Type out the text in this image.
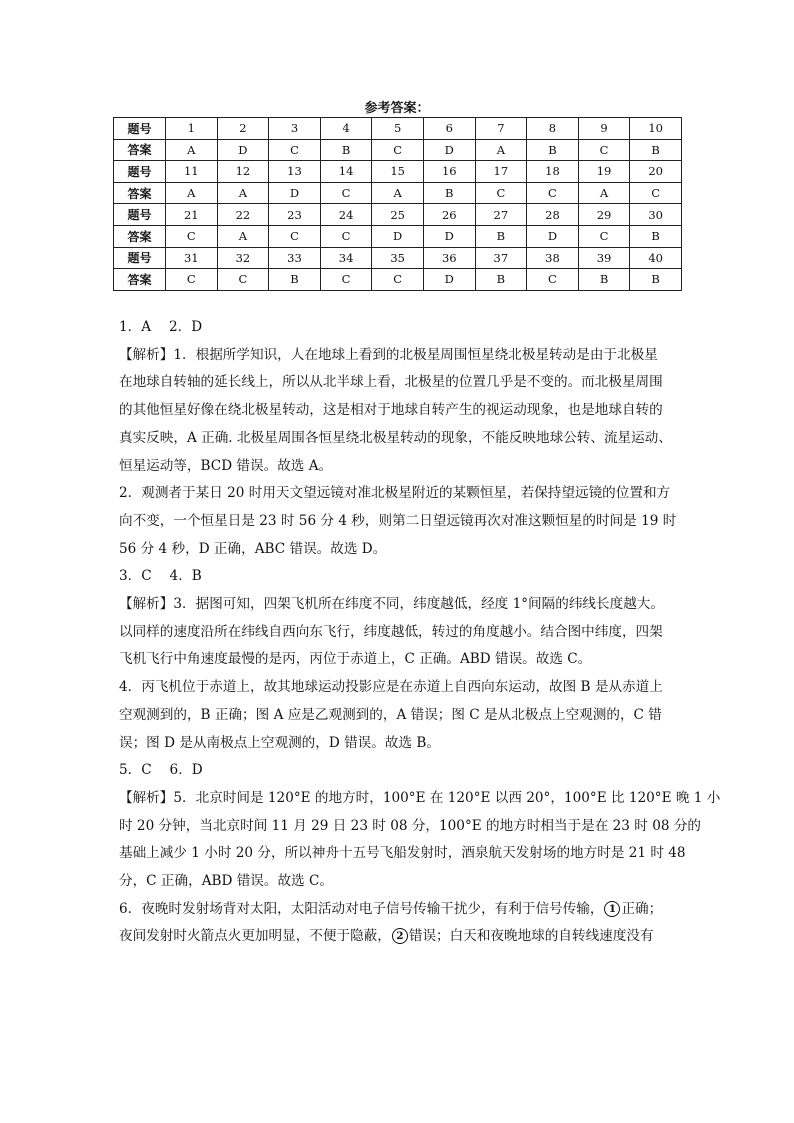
参考答案：
题号	1	2	3	4	5	6	7	8	9	10
答案	A	D	C	B	C	D	A	B	C	B
题号	11	12	13	14	15	16	17	18	19	20
答案	A	A	D	C	A	B	C	C	A	C
题号	21	22	23	24	25	26	27	28	29	30
答案	C	A	C	C	D	D	B	D	C	B
题号	31	32	33	34	35	36	37	38	39	40
答案	C	C	B	C	C	D	B	C	B	B

1．A　 2．D

【解析】1．根据所学知识，人在地球上看到的北极星周围恒星绕北极星转动是由于北极星

在地球自转轴的延长线上，所以从北半球上看，北极星的位置几乎是不变的。而北极星周围

的其他恒星好像在绕北极星转动，这是相对于地球自转产生的视运动现象，也是地球自转的

真实反映，A 正确. 北极星周围各恒星绕北极星转动的现象，不能反映地球公转、流星运动、

恒星运动等，BCD 错误。故选 A。

2．观测者于某日 20 时用天文望远镜对准北极星附近的某颗恒星，若保持望远镜的位置和方

向不变，一个恒星日是 23 时 56 分 4 秒，则第二日望远镜再次对准这颗恒星的时间是 19 时

56 分 4 秒，D 正确，ABC 错误。故选 D。

3．C　 4．B

【解析】3．据图可知，四架飞机所在纬度不同，纬度越低，经度 1°间隔的纬线长度越大。

以同样的速度沿所在纬线自西向东飞行，纬度越低，转过的角度越小。结合图中纬度，四架

飞机飞行中角速度最慢的是丙，丙位于赤道上，C 正确。ABD 错误。故选 C。

4．丙飞机位于赤道上，故其地球运动投影应是在赤道上自西向东运动，故图 B 是从赤道上

空观测到的，B 正确；图 A 应是乙观测到的，A 错误；图 C 是从北极点上空观测的，C 错

误；图 D 是从南极点上空观测的，D 错误。故选 B。

5．C　 6．D

【解析】5．北京时间是 120°E 的地方时，100°E 在 120°E 以西 20°，100°E 比 120°E 晚 1 小

时 20 分钟，当北京时间 11 月 29 日 23 时 08 分，100°E 的地方时相当于是在 23 时 08 分的

基础上减少 1 小时 20 分，所以神舟十五号飞船发射时，酒泉航天发射场的地方时是 21 时 48

分，C 正确，ABD 错误。故选 C。

6．夜晚时发射场背对太阳，太阳活动对电子信号传输干扰少，有利于信号传输， 1 正确；

夜间发射时火箭点火更加明显，不便于隐蔽， 2 错误；白天和夜晚地球的自转线速度没有
